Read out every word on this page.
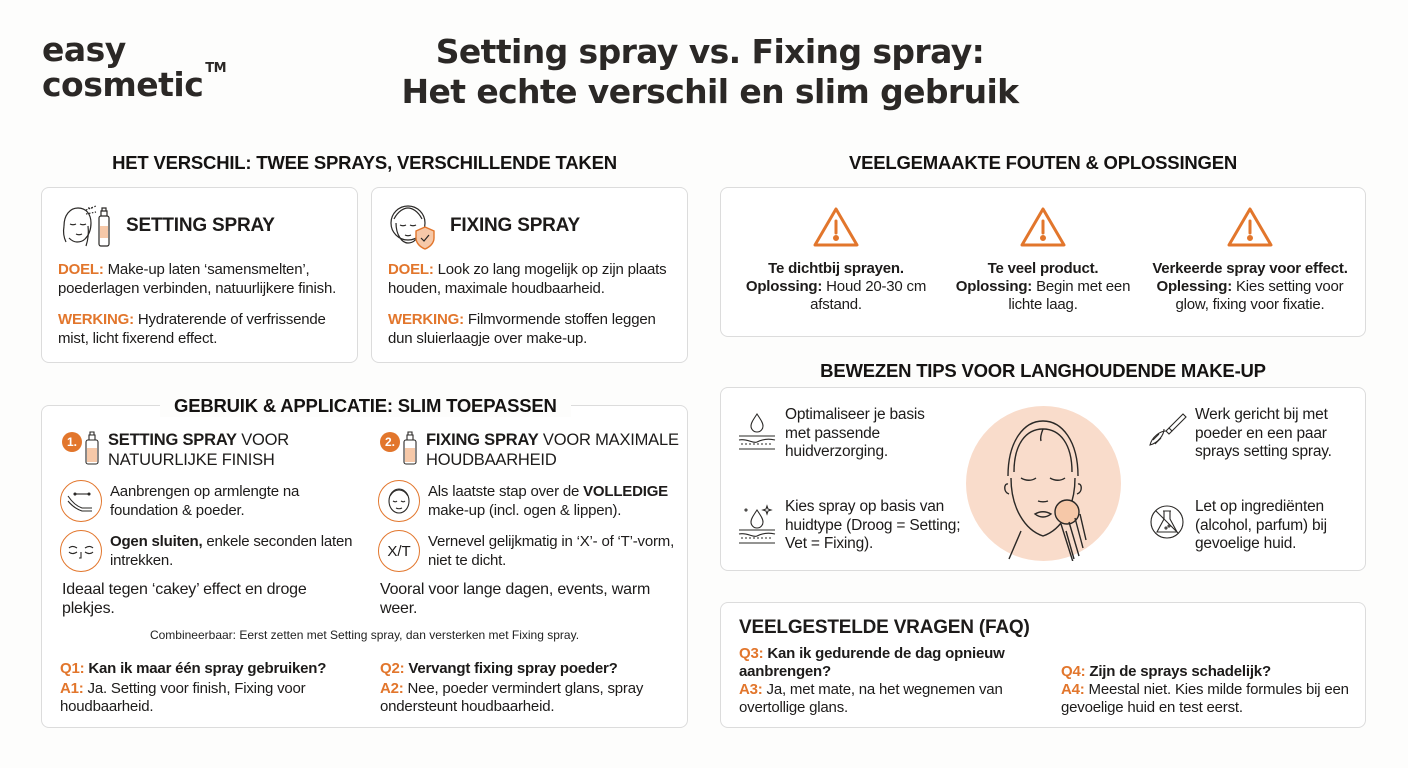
easy
cosmetic ™	Setting spray vs. Fixing spray:
Het echte verschil en slim gebruik
HET VERSCHIL: TWEE SPRAYS, VERSCHILLENDE TAKEN
SETTING SPRAY

DOEL: Make-up laten ‘samensmelten’, poederlagen verbinden, natuurlijkere finish.

WERKING: Hydraterende of verfrissende mist, licht fixerend effect.

FIXING SPRAY

DOEL: Look zo lang mogelijk op zijn plaats houden, maximale houdbaarheid.

WERKING: Filmvormende stoffen leggen dun sluierlaagje over make-up.

1.	SETTING SPRAY VOOR NATUURLIJKE FINISH
Aanbrengen op armlengte na foundation & poeder.
Ogen sluiten, enkele seconden laten intrekken.
Ideaal tegen ‘cakey’ effect en droge plekjes.
2.	FIXING SPRAY VOOR MAXIMALE HOUDBAARHEID
Als laatste stap over de VOLLEDIGE make-up (incl. ogen & lippen).
X/T
Vernevel gelijkmatig in ‘X’- of ‘T’-vorm, niet te dicht.
Vooral voor lange dagen, events, warm weer.
Combineerbaar: Eerst zetten met Setting spray, dan versterken met Fixing spray.
Q1: Kan ik maar één spray gebruiken?
A1: Ja. Setting voor finish, Fixing voor houdbaarheid.
Q2: Vervangt fixing spray poeder?
A2: Nee, poeder vermindert glans, spray ondersteunt houdbaarheid.
GEBRUIK & APPLICATIE: SLIM TOEPASSEN
VEELGEMAAKTE FOUTEN & OPLOSSINGEN
Te dichtbij sprayen.
Oplossing: Houd 20-30 cm afstand.
Te veel product.
Oplossing: Begin met een lichte laag.
Verkeerde spray voor effect.
Oplessing: Kies setting voor glow, fixing voor fixatie.
BEWEZEN TIPS VOOR LANGHOUDENDE MAKE-UP
Optimaliseer je basis met passende huidverzorging.
Kies spray op basis van huidtype (Droog = Setting; Vet = Fixing).
Werk gericht bij met poeder en een paar sprays setting spray.
Let op ingrediënten (alcohol, parfum) bij gevoelige huid.
VEELGESTELDE VRAGEN (FAQ)
Q3: Kan ik gedurende de dag opnieuw aanbrengen?
A3: Ja, met mate, na het wegnemen van overtollige glans.
Q4: Zijn de sprays schadelijk?
A4: Meestal niet. Kies milde formules bij een gevoelige huid en test eerst.
